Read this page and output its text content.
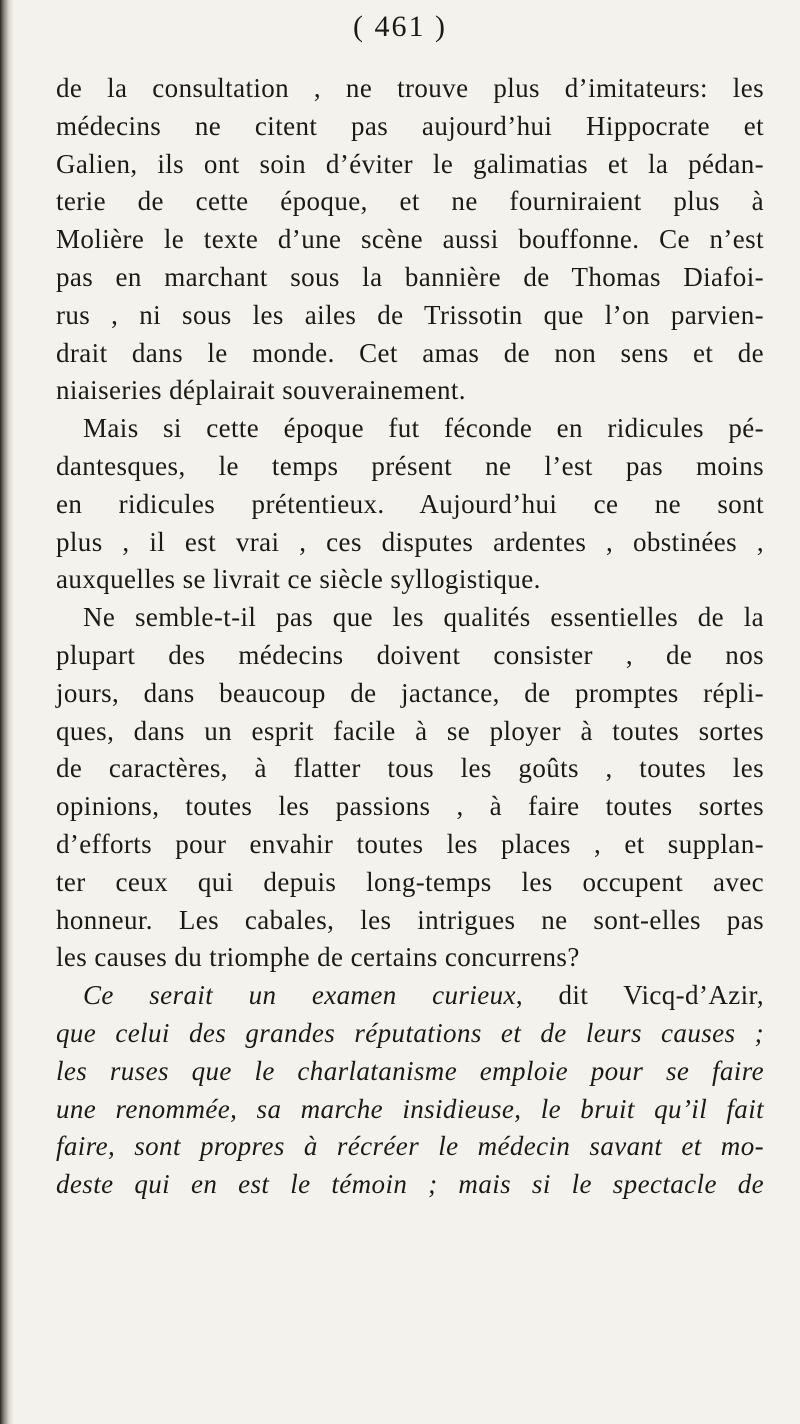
( 461 )
de la consultation , ne trouve plus d’imitateurs: les
médecins ne citent pas aujourd’hui Hippocrate et
Galien, ils ont soin d’éviter le galimatias et la pédan-
terie de cette époque, et ne fourniraient plus à
Molière le texte d’une scène aussi bouffonne. Ce n’est
pas en marchant sous la bannière de Thomas Diafoi-
rus , ni sous les ailes de Trissotin que l’on parvien-
drait dans le monde. Cet amas de non sens et de
niaiseries déplairait souverainement.
Mais si cette époque fut féconde en ridicules pé-
dantesques, le temps présent ne l’est pas moins
en ridicules prétentieux. Aujourd’hui ce ne sont
plus , il est vrai , ces disputes ardentes , obstinées ,
auxquelles se livrait ce siècle syllogistique.
Ne semble-t-il pas que les qualités essentielles de la
plupart des médecins doivent consister , de nos
jours, dans beaucoup de jactance, de promptes répli-
ques, dans un esprit facile à se ployer à toutes sortes
de caractères, à flatter tous les goûts , toutes les
opinions, toutes les passions , à faire toutes sortes
d’efforts pour envahir toutes les places , et supplan-
ter ceux qui depuis long-temps les occupent avec
honneur. Les cabales, les intrigues ne sont-elles pas
les causes du triomphe de certains concurrens?
Ce serait un examen curieux, dit Vicq-d’Azir,
que celui des grandes réputations et de leurs causes ;
les ruses que le charlatanisme emploie pour se faire
une renommée, sa marche insidieuse, le bruit qu’il fait
faire, sont propres à récréer le médecin savant et mo-
deste qui en est le témoin ; mais si le spectacle de
